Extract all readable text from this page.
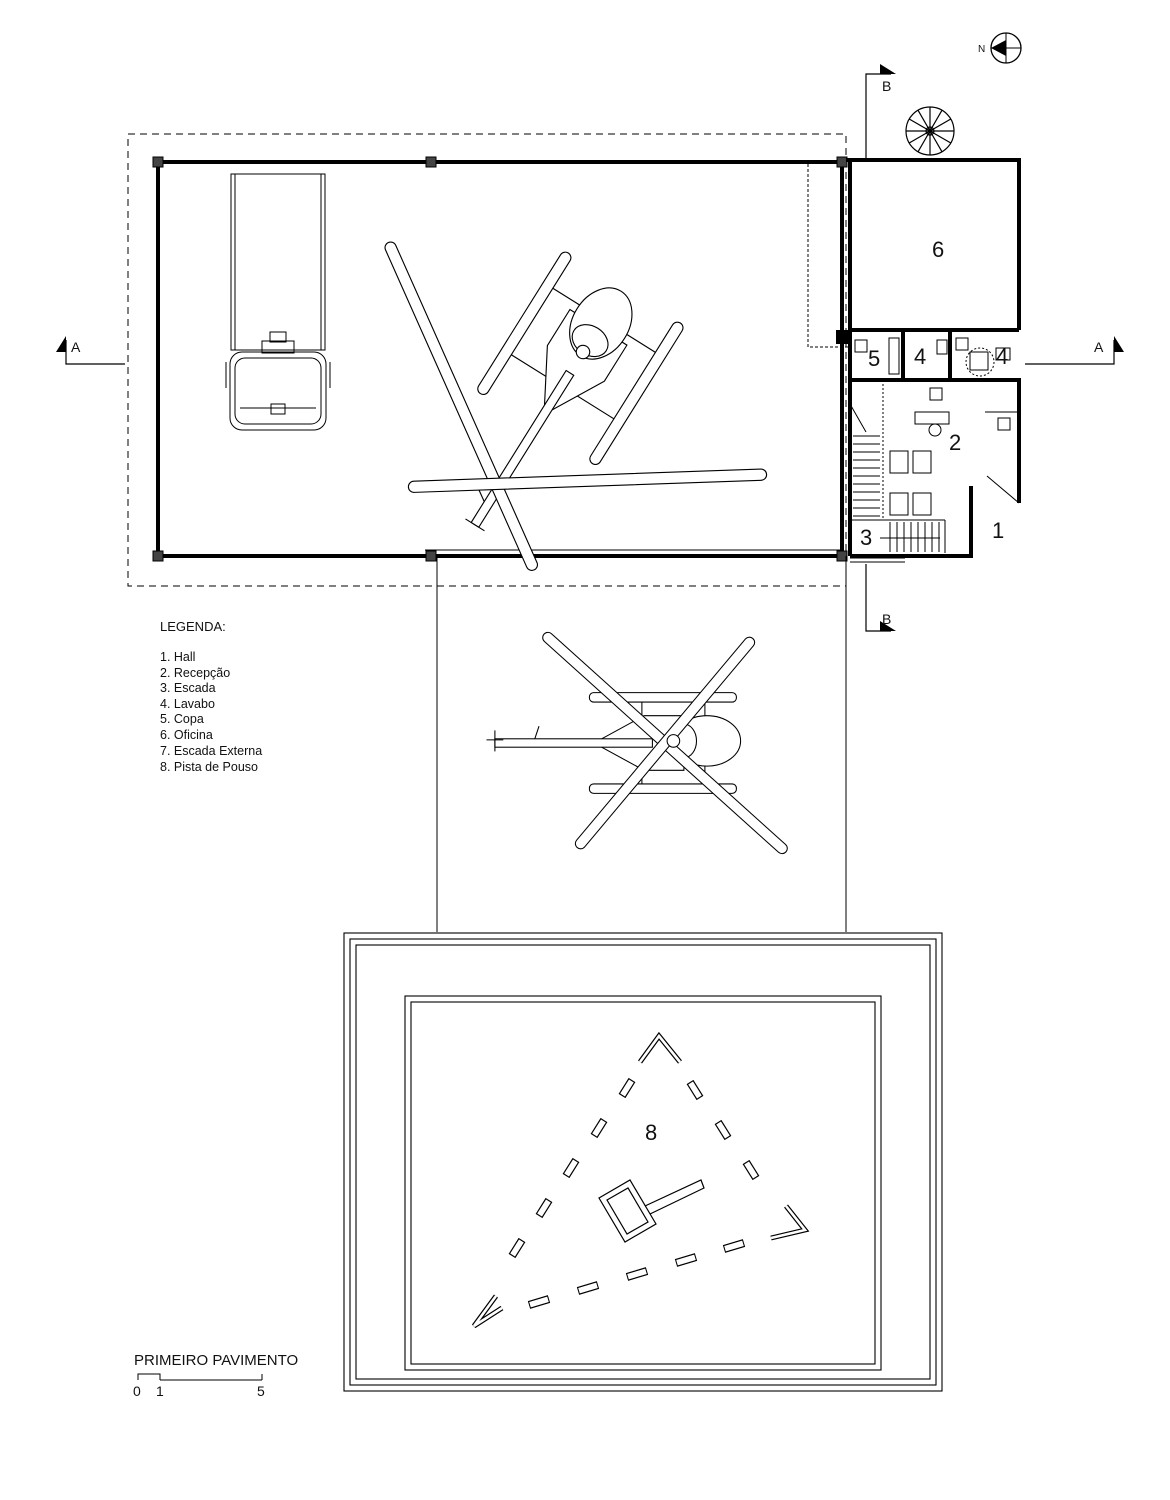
N
A	A
B
B
8
6
5 4	4
2
3	1
LEGENDA:
1. Hall
2. Recepção
3. Escada
4. Lavabo
5. Copa
6. Oficina
7. Escada Externa
8. Pista de Pouso
PRIMEIRO PAVIMENTO
0 1	5
